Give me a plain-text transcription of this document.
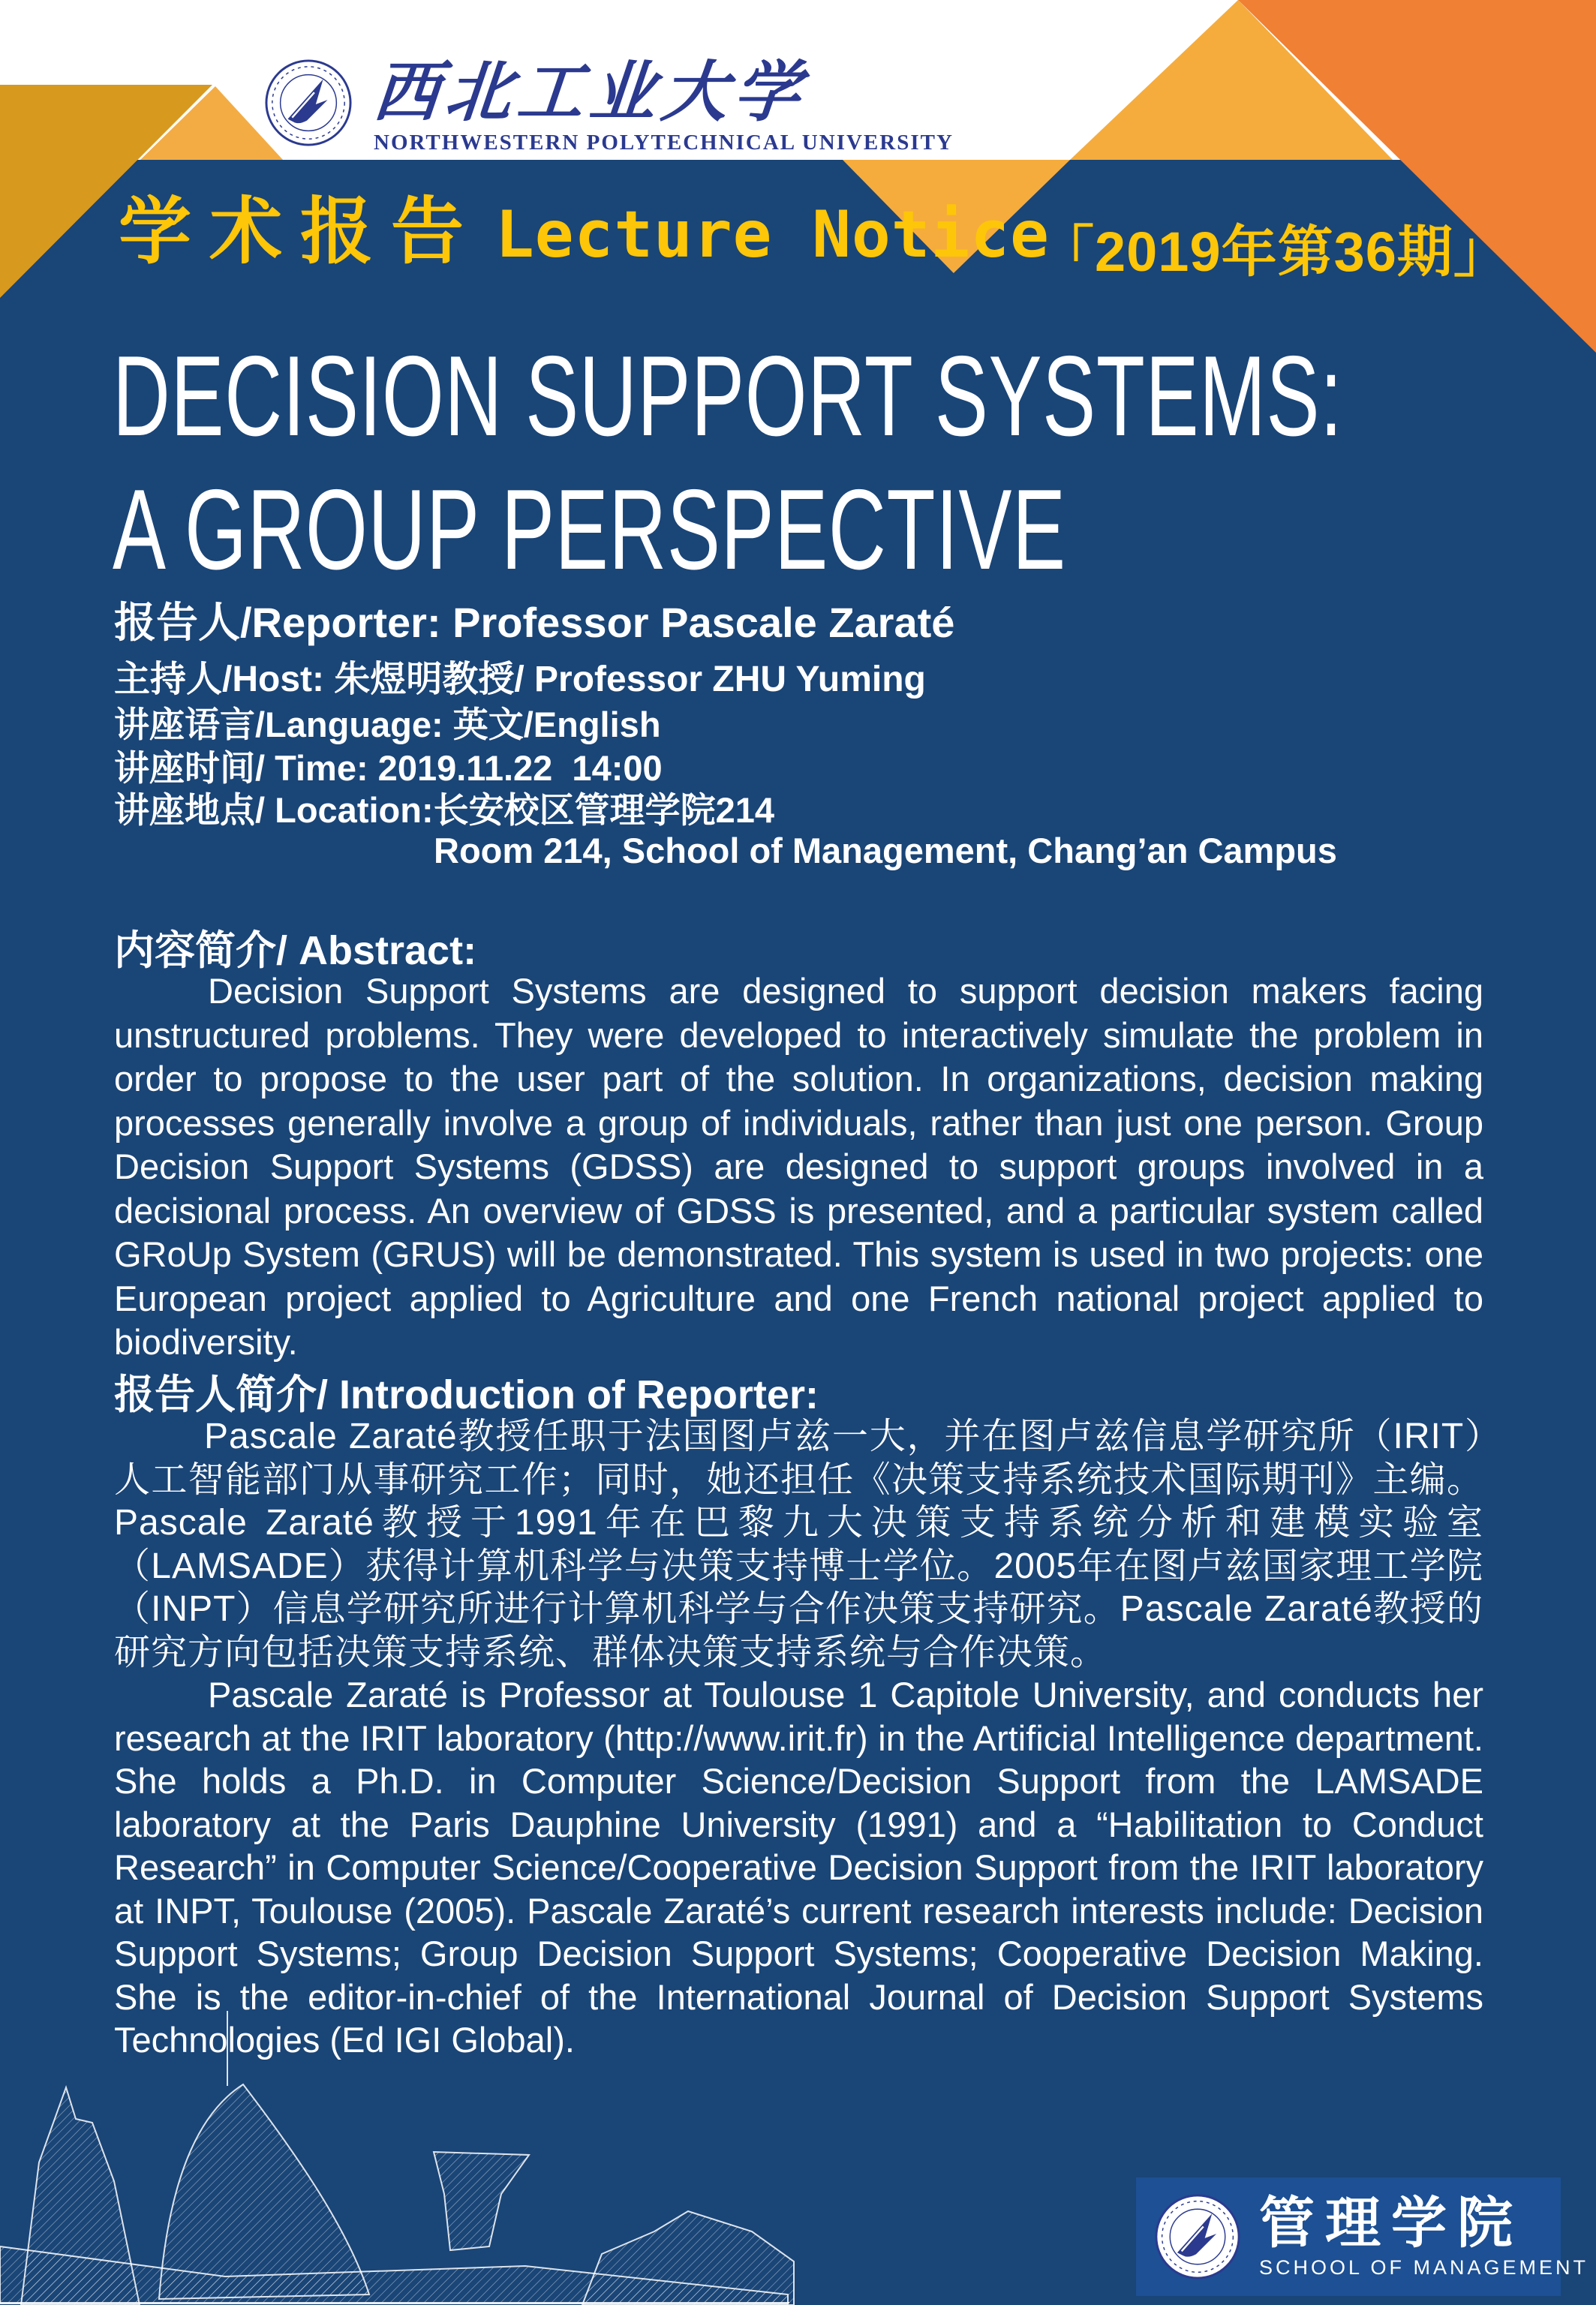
西北工业大学
NORTHWESTERN POLYTECHNICAL UNIVERSITY
学术报告 Lecture Notice
「2019年第36期」
DECISION SUPPORT SYSTEMS:
A GROUP PERSPECTIVE
报告人/Reporter: Professor Pascale Zaraté
主持人/Host: 朱煜明教授/ Professor ZHU Yuming
讲座语言/Language: 英文/English
讲座时间/ Time: 2019.11.22  14:00
讲座地点/ Location:长安校区管理学院214
Room 214, School of Management, Chang’an Campus
内容简介/ Abstract:
Decision Support Systems are designed to support decision makers facing unstructured problems. They were developed to interactively simulate the problem in order to propose to the user part of the solution. In organizations, decision making processes generally involve a group of individuals, rather than just one person. Group Decision Support Systems (GDSS) are designed to support groups involved in a decisional process. An overview of GDSS is presented, and a particular system called GRoUp System (GRUS) will be demonstrated. This system is used in two projects: one European project applied to Agriculture and one French national project applied to biodiversity.
报告人简介/ Introduction of Reporter:
Pascale Zaraté教授任职于法国图卢兹一大，并在图卢兹信息学研究所（IRIT）人工智能部门从事研究工作；同时，她还担任《决策支持系统技术国际期刊》主编。Pascale Zaraté教授于1991年在巴黎九大决策支持系统分析和建模实验室（LAMSADE）获得计算机科学与决策支持博士学位。2005年在图卢兹国家理工学院（INPT）信息学研究所进行计算机科学与合作决策支持研究。Pascale Zaraté教授的研究方向包括决策支持系统、群体决策支持系统与合作决策。
Pascale Zaraté is Professor at Toulouse 1 Capitole University, and conducts her research at the IRIT laboratory (http://www.irit.fr) in the Artificial Intelligence department. She holds a Ph.D. in Computer Science/Decision Support from the LAMSADE laboratory at the Paris Dauphine University (1991) and a “Habilitation to Conduct Research” in Computer Science/Cooperative Decision Support from the IRIT laboratory at INPT, Toulouse (2005). Pascale Zaraté’s current research interests include: Decision Support Systems; Group Decision Support Systems; Cooperative Decision Making. She is the editor-in-chief of the International Journal of Decision Support Systems Technologies (Ed IGI Global).
管理学院
SCHOOL OF MANAGEMENT
